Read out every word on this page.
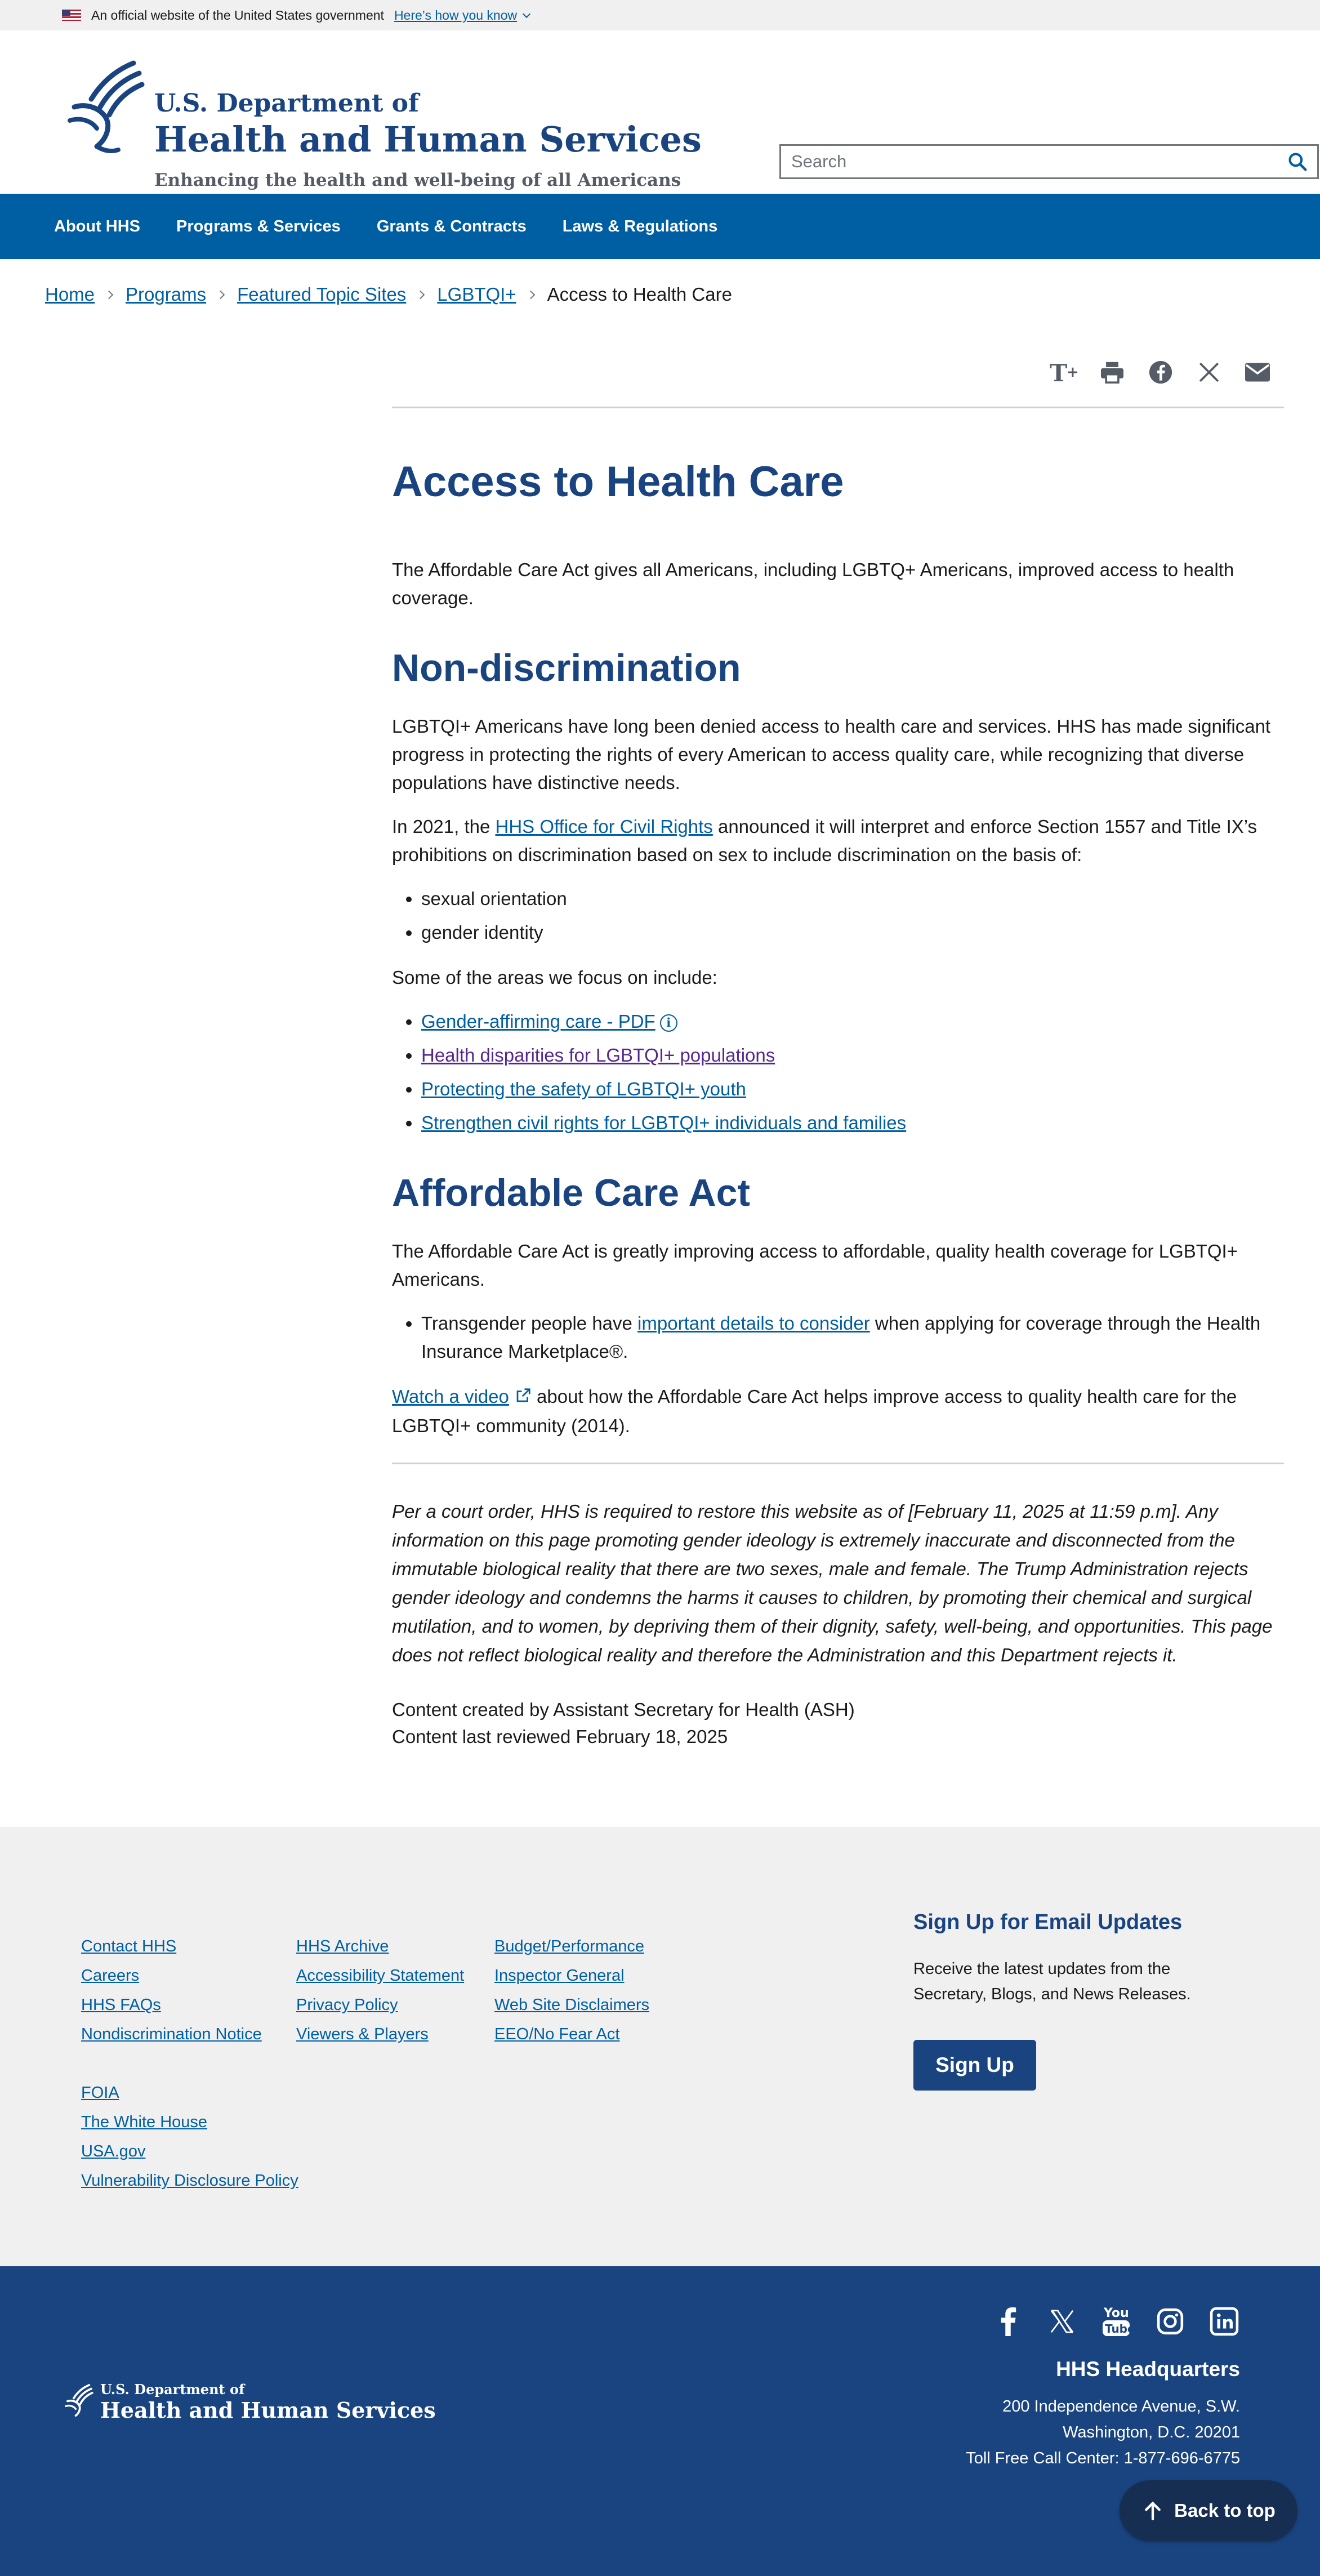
An official website of the United States government Here’s how you know
U.S. Department of
Health and Human Services
Enhancing the health and well-being of all Americans
Search
About HHS Programs & Services Grants & Contracts Laws & Regulations
Home Programs Featured Topic Sites LGBTQI+ Access to Health Care
T
+
Access to Health Care

The Affordable Care Act gives all Americans, including LGBTQ+ Americans, improved access to health coverage.

Non-discrimination

LGBTQI+ Americans have long been denied access to health care and services. HHS has made significant progress in protecting the rights of every American to access quality care, while recognizing that diverse populations have distinctive needs.

In 2021, the HHS Office for Civil Rights announced it will interpret and enforce Section 1557 and Title IX’s prohibitions on discrimination based on sex to include discrimination on the basis of:

• sexual orientation
• gender identity

Some of the areas we focus on include:

• Gender-affirming care - PDF i
• Health disparities for LGBTQI+ populations
• Protecting the safety of LGBTQI+ youth
• Strengthen civil rights for LGBTQI+ individuals and families
Affordable Care Act

The Affordable Care Act is greatly improving access to affordable, quality health coverage for LGBTQI+ Americans.

• Transgender people have important details to consider when applying for coverage through the Health Insurance Marketplace®.

Watch a video about how the Affordable Care Act helps improve access to quality health care for the LGBTQI+ community (2014).

Per a court order, HHS is required to restore this website as of [February 11, 2025 at 11:59 p.m]. Any information on this page promoting gender ideology is extremely inaccurate and disconnected from the immutable biological reality that there are two sexes, male and female. The Trump Administration rejects gender ideology and condemns the harms it causes to children, by promoting their chemical and surgical mutilation, and to women, by depriving them of their dignity, safety, well-being, and opportunities. This page does not reflect biological reality and therefore the Administration and this Department rejects it.

Content created by Assistant Secretary for Health (ASH)
Content last reviewed February 18, 2025
Contact HHS
Careers
HHS FAQs
Nondiscrimination Notice
HHS Archive
Accessibility Statement
Privacy Policy
Viewers & Players
Budget/Performance
Inspector General
Web Site Disclaimers
EEO/No Fear Act
FOIA
The White House
USA.gov
Vulnerability Disclosure Policy
Sign Up for Email Updates
Receive the latest updates from the Secretary, Blogs, and News Releases.
Sign Up
You
Tube
U.S. Department of
Health and Human Services
HHS Headquarters
200 Independence Avenue, S.W.
Washington, D.C. 20201
Toll Free Call Center: 1-877-696-6775
Back to top
